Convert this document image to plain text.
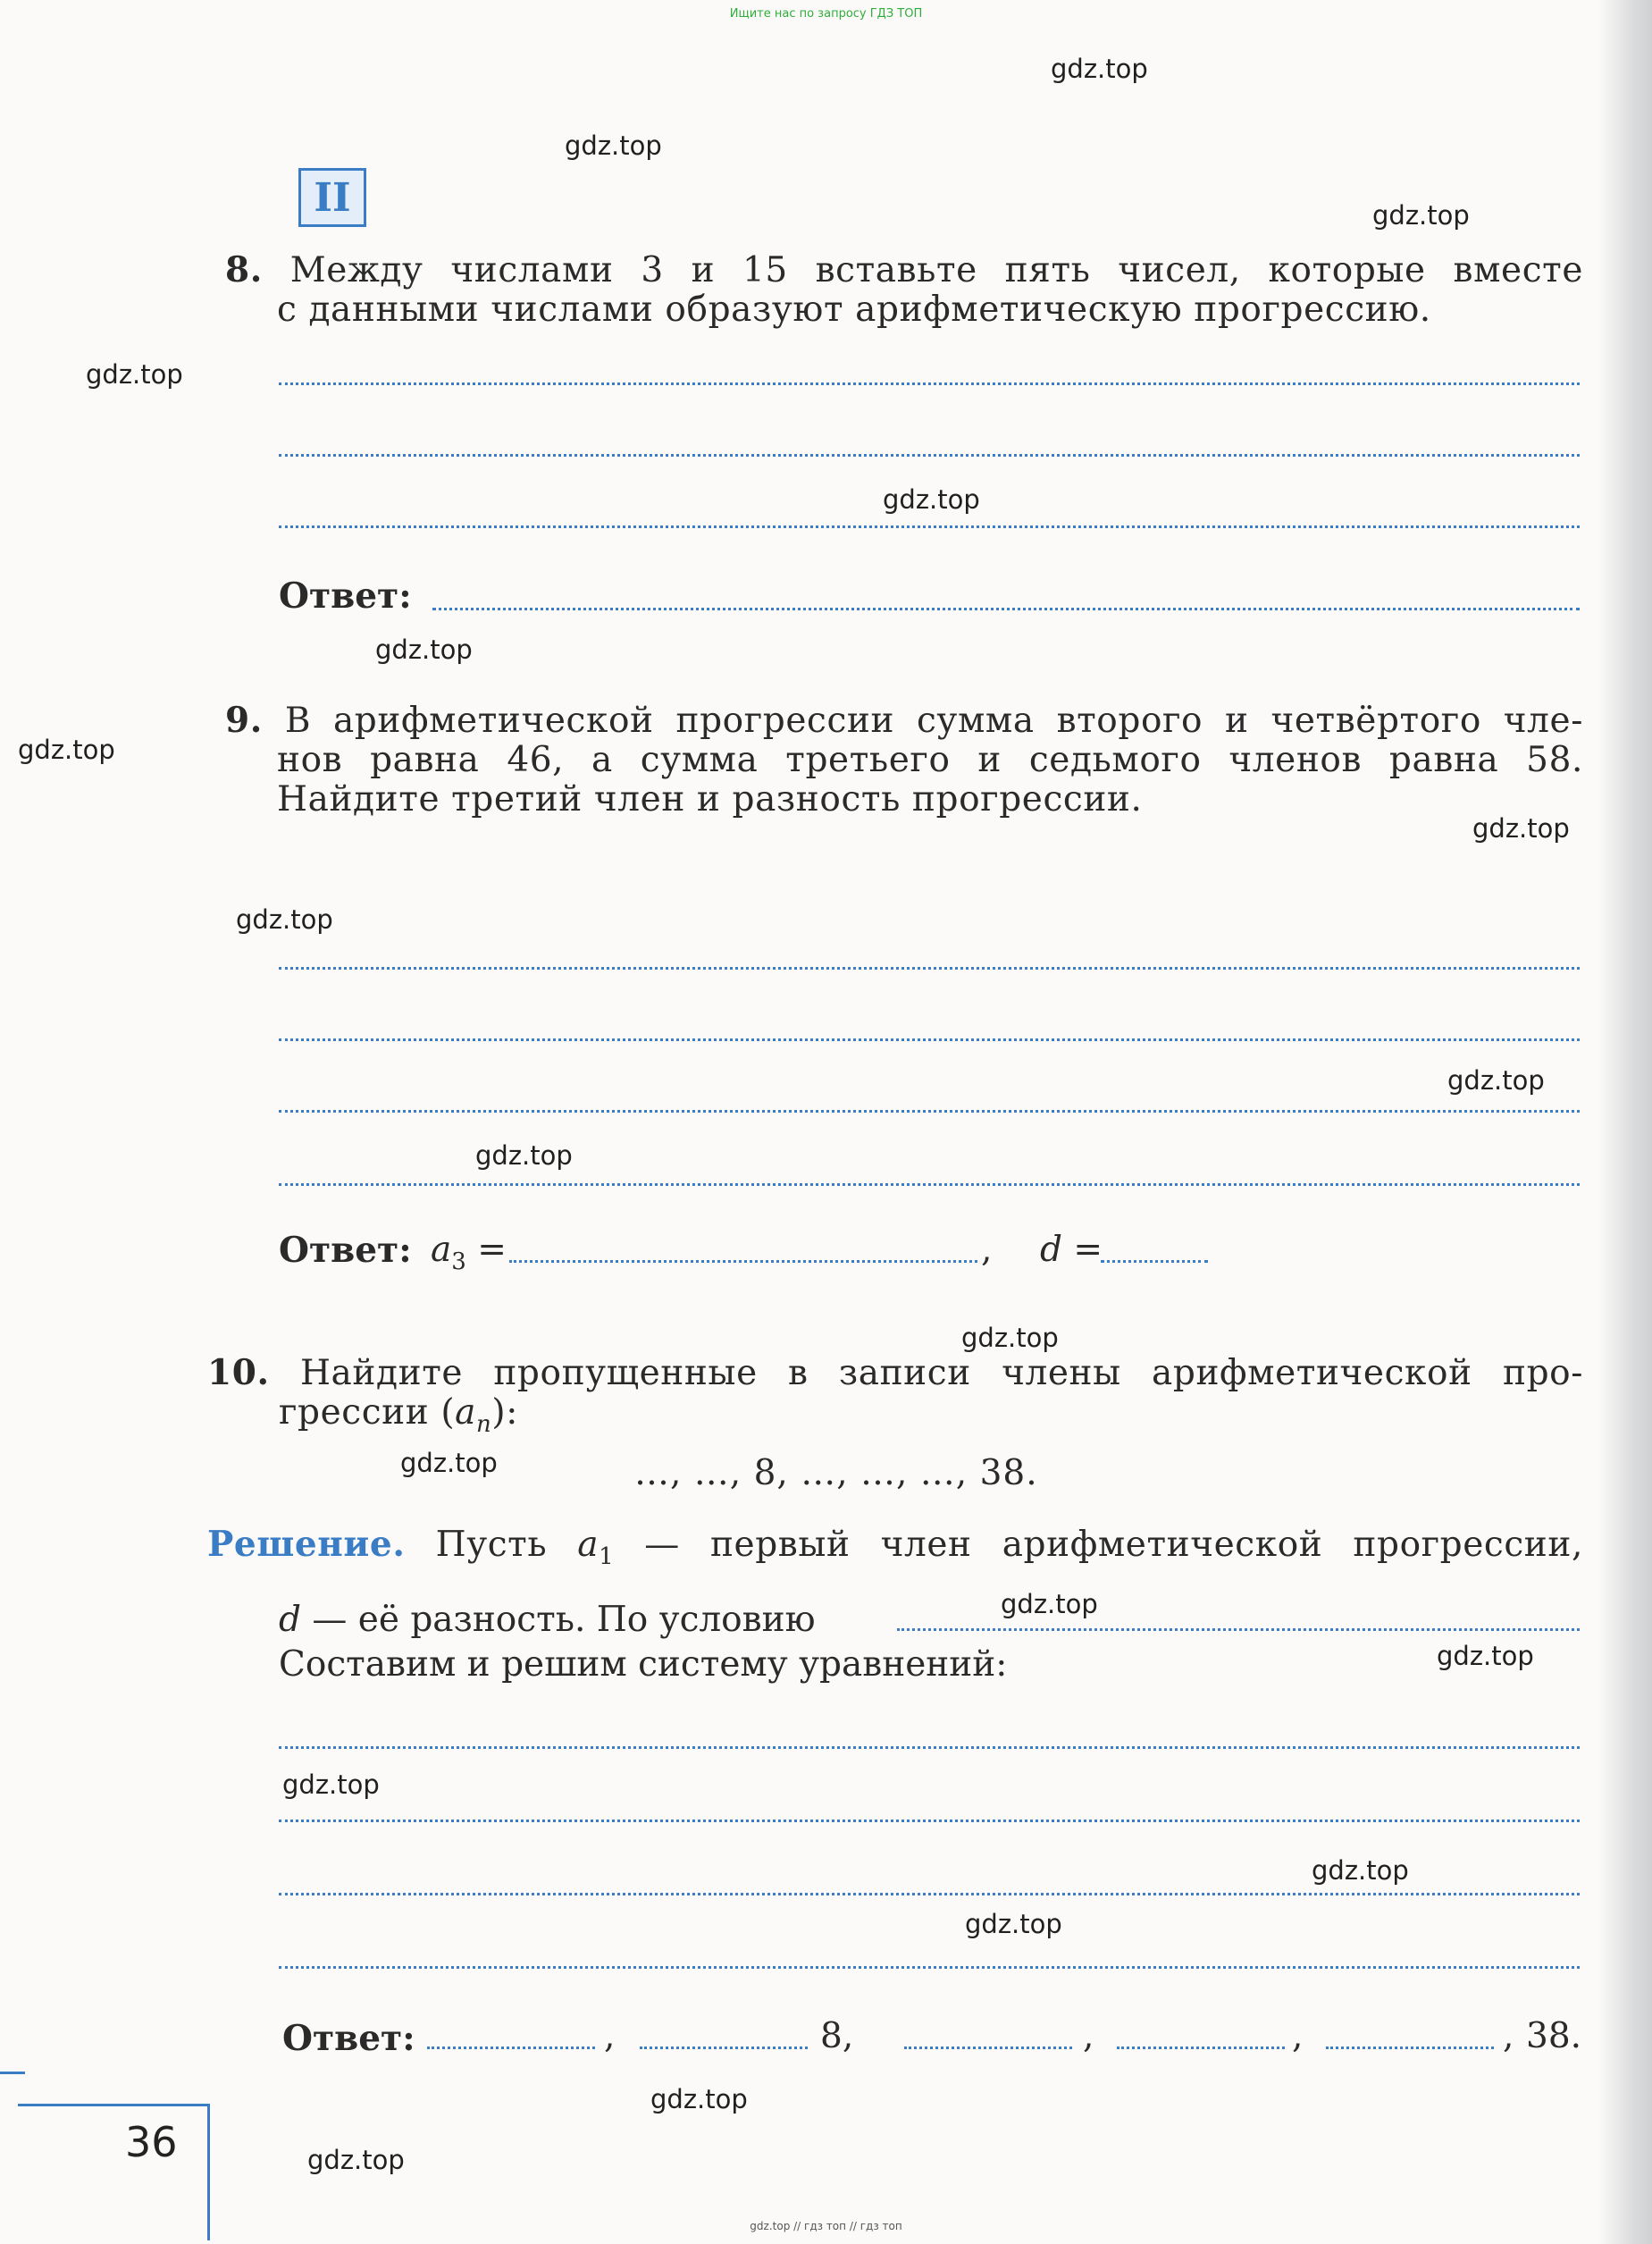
Ищите нас по запросу ГДЗ ТОП
gdz.top
gdz.top
gdz.top
gdz.top
gdz.top
gdz.top
gdz.top
gdz.top
gdz.top
gdz.top
gdz.top
gdz.top
gdz.top
gdz.top
gdz.top
gdz.top
gdz.top
gdz.top
gdz.top
gdz.top
II
8. Между числами 3 и 15 вставьте пять чисел, которые вместе
с данными числами образуют арифметическую прогрессию.
Ответ:
9. В арифметической прогрессии сумма второго и четвёртого чле-
нов равна 46, а сумма третьего и седьмого членов равна 58.
Найдите третий член и разность прогрессии.
Ответ: $a_3$ =	, d =
10. Найдите пропущенные в записи члены арифметической про-
грессии $(a_n)$:
…, …, 8, …, …, …, 38.
Решение. Пусть $a_1$ — первый член арифметической прогрессии,
d — её разность. По условию
Составим и решим систему уравнений:
Ответ:	,	8,	,	,	, 38.
36
gdz.top // гдз топ // гдз топ
